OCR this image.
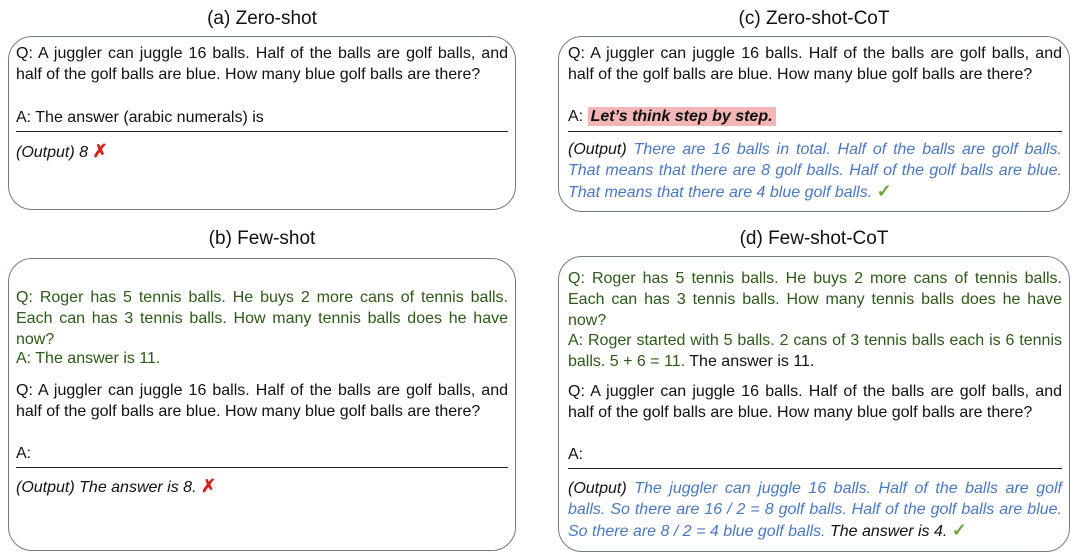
(a) Zero-shot
Q: A juggler can juggle 16 balls. Half of the balls are golf balls, and half of the golf balls are blue. How many blue golf balls are there?
A: The answer (arabic numerals) is
(Output) 8 ✗
(c) Zero-shot-CoT
Q: A juggler can juggle 16 balls. Half of the balls are golf balls, and half of the golf balls are blue. How many blue golf balls are there?
A: Let’s think step by step.
(Output) There are 16 balls in total. Half of the balls are golf balls. That means that there are 8 golf balls. Half of the golf balls are blue. That means that there are 4 blue golf balls. ✓
(b) Few-shot
Q: Roger has 5 tennis balls. He buys 2 more cans of tennis balls. Each can has 3 tennis balls. How many tennis balls does he have now?
A: The answer is 11.
Q: A juggler can juggle 16 balls. Half of the balls are golf balls, and half of the golf balls are blue. How many blue golf balls are there?
A:
(Output) The answer is 8. ✗
(d) Few-shot-CoT
Q: Roger has 5 tennis balls. He buys 2 more cans of tennis balls. Each can has 3 tennis balls. How many tennis balls does he have now?
A: Roger started with 5 balls. 2 cans of 3 tennis balls each is 6 tennis balls. 5 + 6 = 11. The answer is 11.
Q: A juggler can juggle 16 balls. Half of the balls are golf balls, and half of the golf balls are blue. How many blue golf balls are there?
A:
(Output) The juggler can juggle 16 balls. Half of the balls are golf balls. So there are 16 / 2 = 8 golf balls. Half of the golf balls are blue. So there are 8 / 2 = 4 blue golf balls. The answer is 4. ✓
